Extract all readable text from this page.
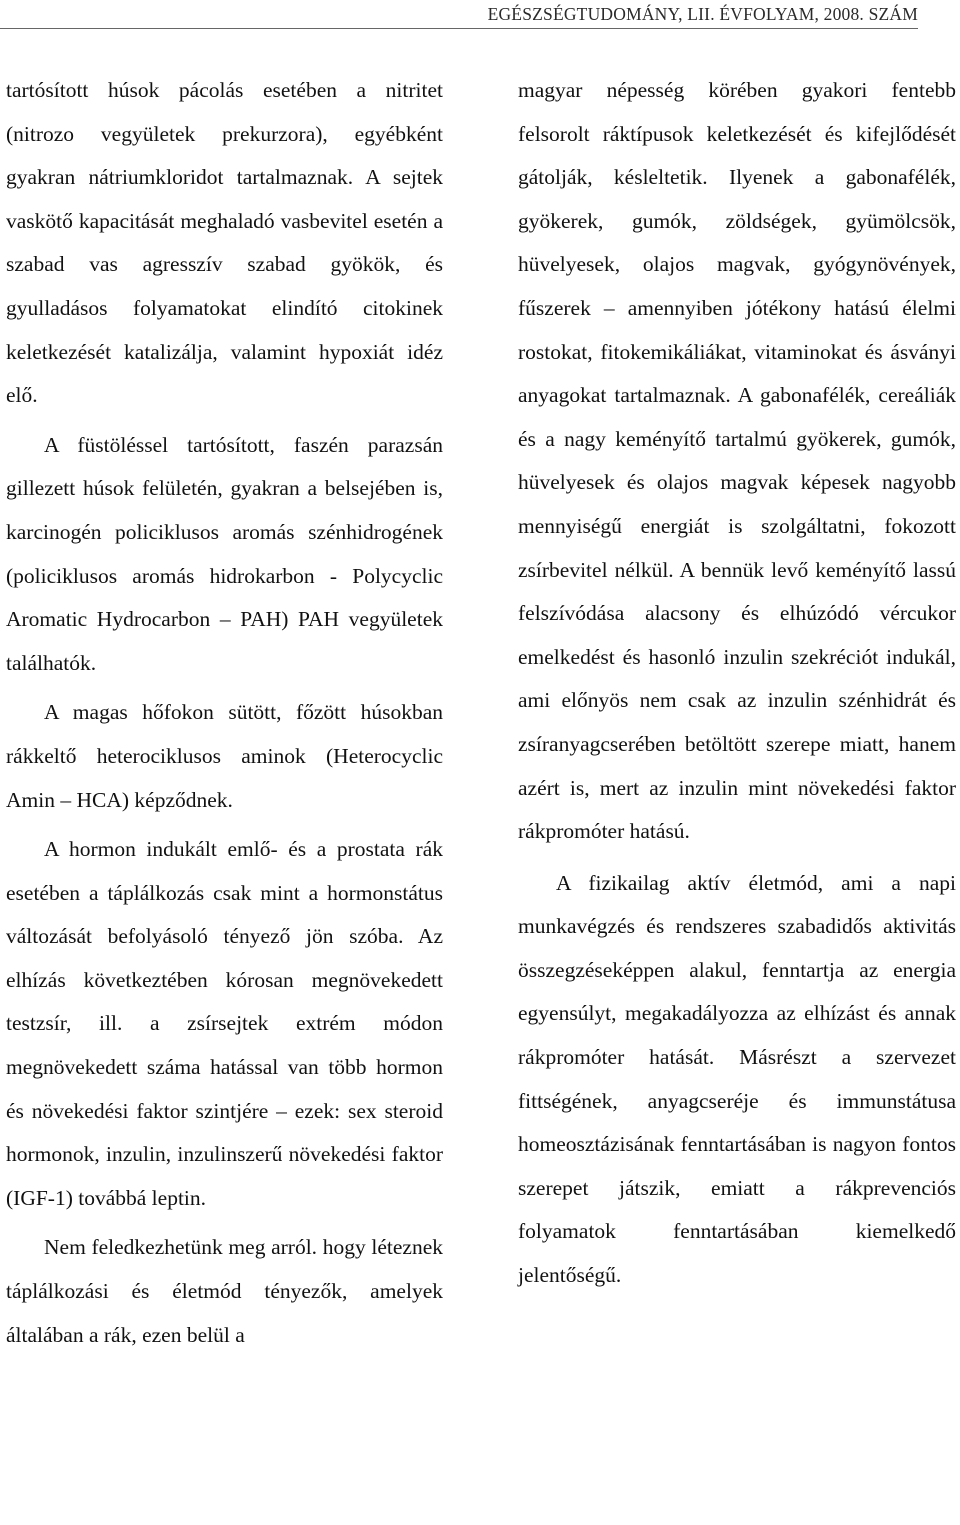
EGÉSZSÉGTUDOMÁNY, LII. ÉVFOLYAM, 2008. SZÁM

tartósított húsok pácolás esetében a nitritet (nitrozo vegyületek prekurzora), egyébként gyakran nátriumkloridot tartalmaznak. A sejtek vaskötő kapacitását meghaladó vasbevitel esetén a szabad vas agresszív szabad gyökök, és gyulladásos folyamatokat elindító citokinek keletkezését katalizálja, valamint hypoxiát idéz elő.

A füstöléssel tartósított, faszén parazsán gillezett húsok felületén, gyakran a belsejében is, karcinogén policiklusos aromás szénhidrogének (policiklusos aromás hidrokarbon - Polycyclic Aromatic Hydrocarbon – PAH) PAH vegyületek találhatók.

A magas hőfokon sütött, főzött húsokban rákkeltő heterociklusos aminok (Heterocyclic Amin – HCA) képződnek.

A hormon indukált emlő- és a prostata rák esetében a táplálkozás csak mint a hormonstátus változását befolyásoló tényező jön szóba. Az elhízás következtében kórosan megnövekedett testzsír, ill. a zsírsejtek extrém módon megnövekedett száma hatással van több hormon és növekedési faktor szintjére – ezek: sex steroid hormonok, inzulin, inzulinszerű növekedési faktor (IGF-1) továbbá leptin.

Nem feledkezhetünk meg arról. hogy léteznek táplálkozási és életmód tényezők, amelyek általában a rák, ezen belül a

magyar népesség körében gyakori fentebb felsorolt ráktípusok keletkezését és kifejlődését gátolják, késleltetik. Ilyenek a gabonafélék, gyökerek, gumók, zöldségek, gyümölcsök, hüvelyesek, olajos magvak, gyógynövények, fűszerek – amennyiben jótékony hatású élelmi rostokat, fitokemikáliákat, vitaminokat és ásványi anyagokat tartalmaznak. A gabonafélék, cereáliák és a nagy keményítő tartalmú gyökerek, gumók, hüvelyesek és olajos magvak képesek nagyobb mennyiségű energiát is szolgáltatni, fokozott zsírbevitel nélkül. A bennük levő keményítő lassú felszívódása alacsony és elhúzódó vércukor emelkedést és hasonló inzulin szekréciót indukál, ami előnyös nem csak az inzulin szénhidrát és zsíranyagcserében betöltött szerepe miatt, hanem azért is, mert az inzulin mint növekedési faktor rákpromóter hatású.

A fizikailag aktív életmód, ami a napi munkavégzés és rendszeres szabadidős aktivitás összegzéseképpen alakul, fenntartja az energia egyensúlyt, megakadályozza az elhízást és annak rákpromóter hatását. Másrészt a szervezet fittségének, anyagcseréje és immunstátusa homeosztázisának fenntartásában is nagyon fontos szerepet játszik, emiatt a rákprevenciós folyamatok fenntartásában kiemelkedő jelentőségű.
